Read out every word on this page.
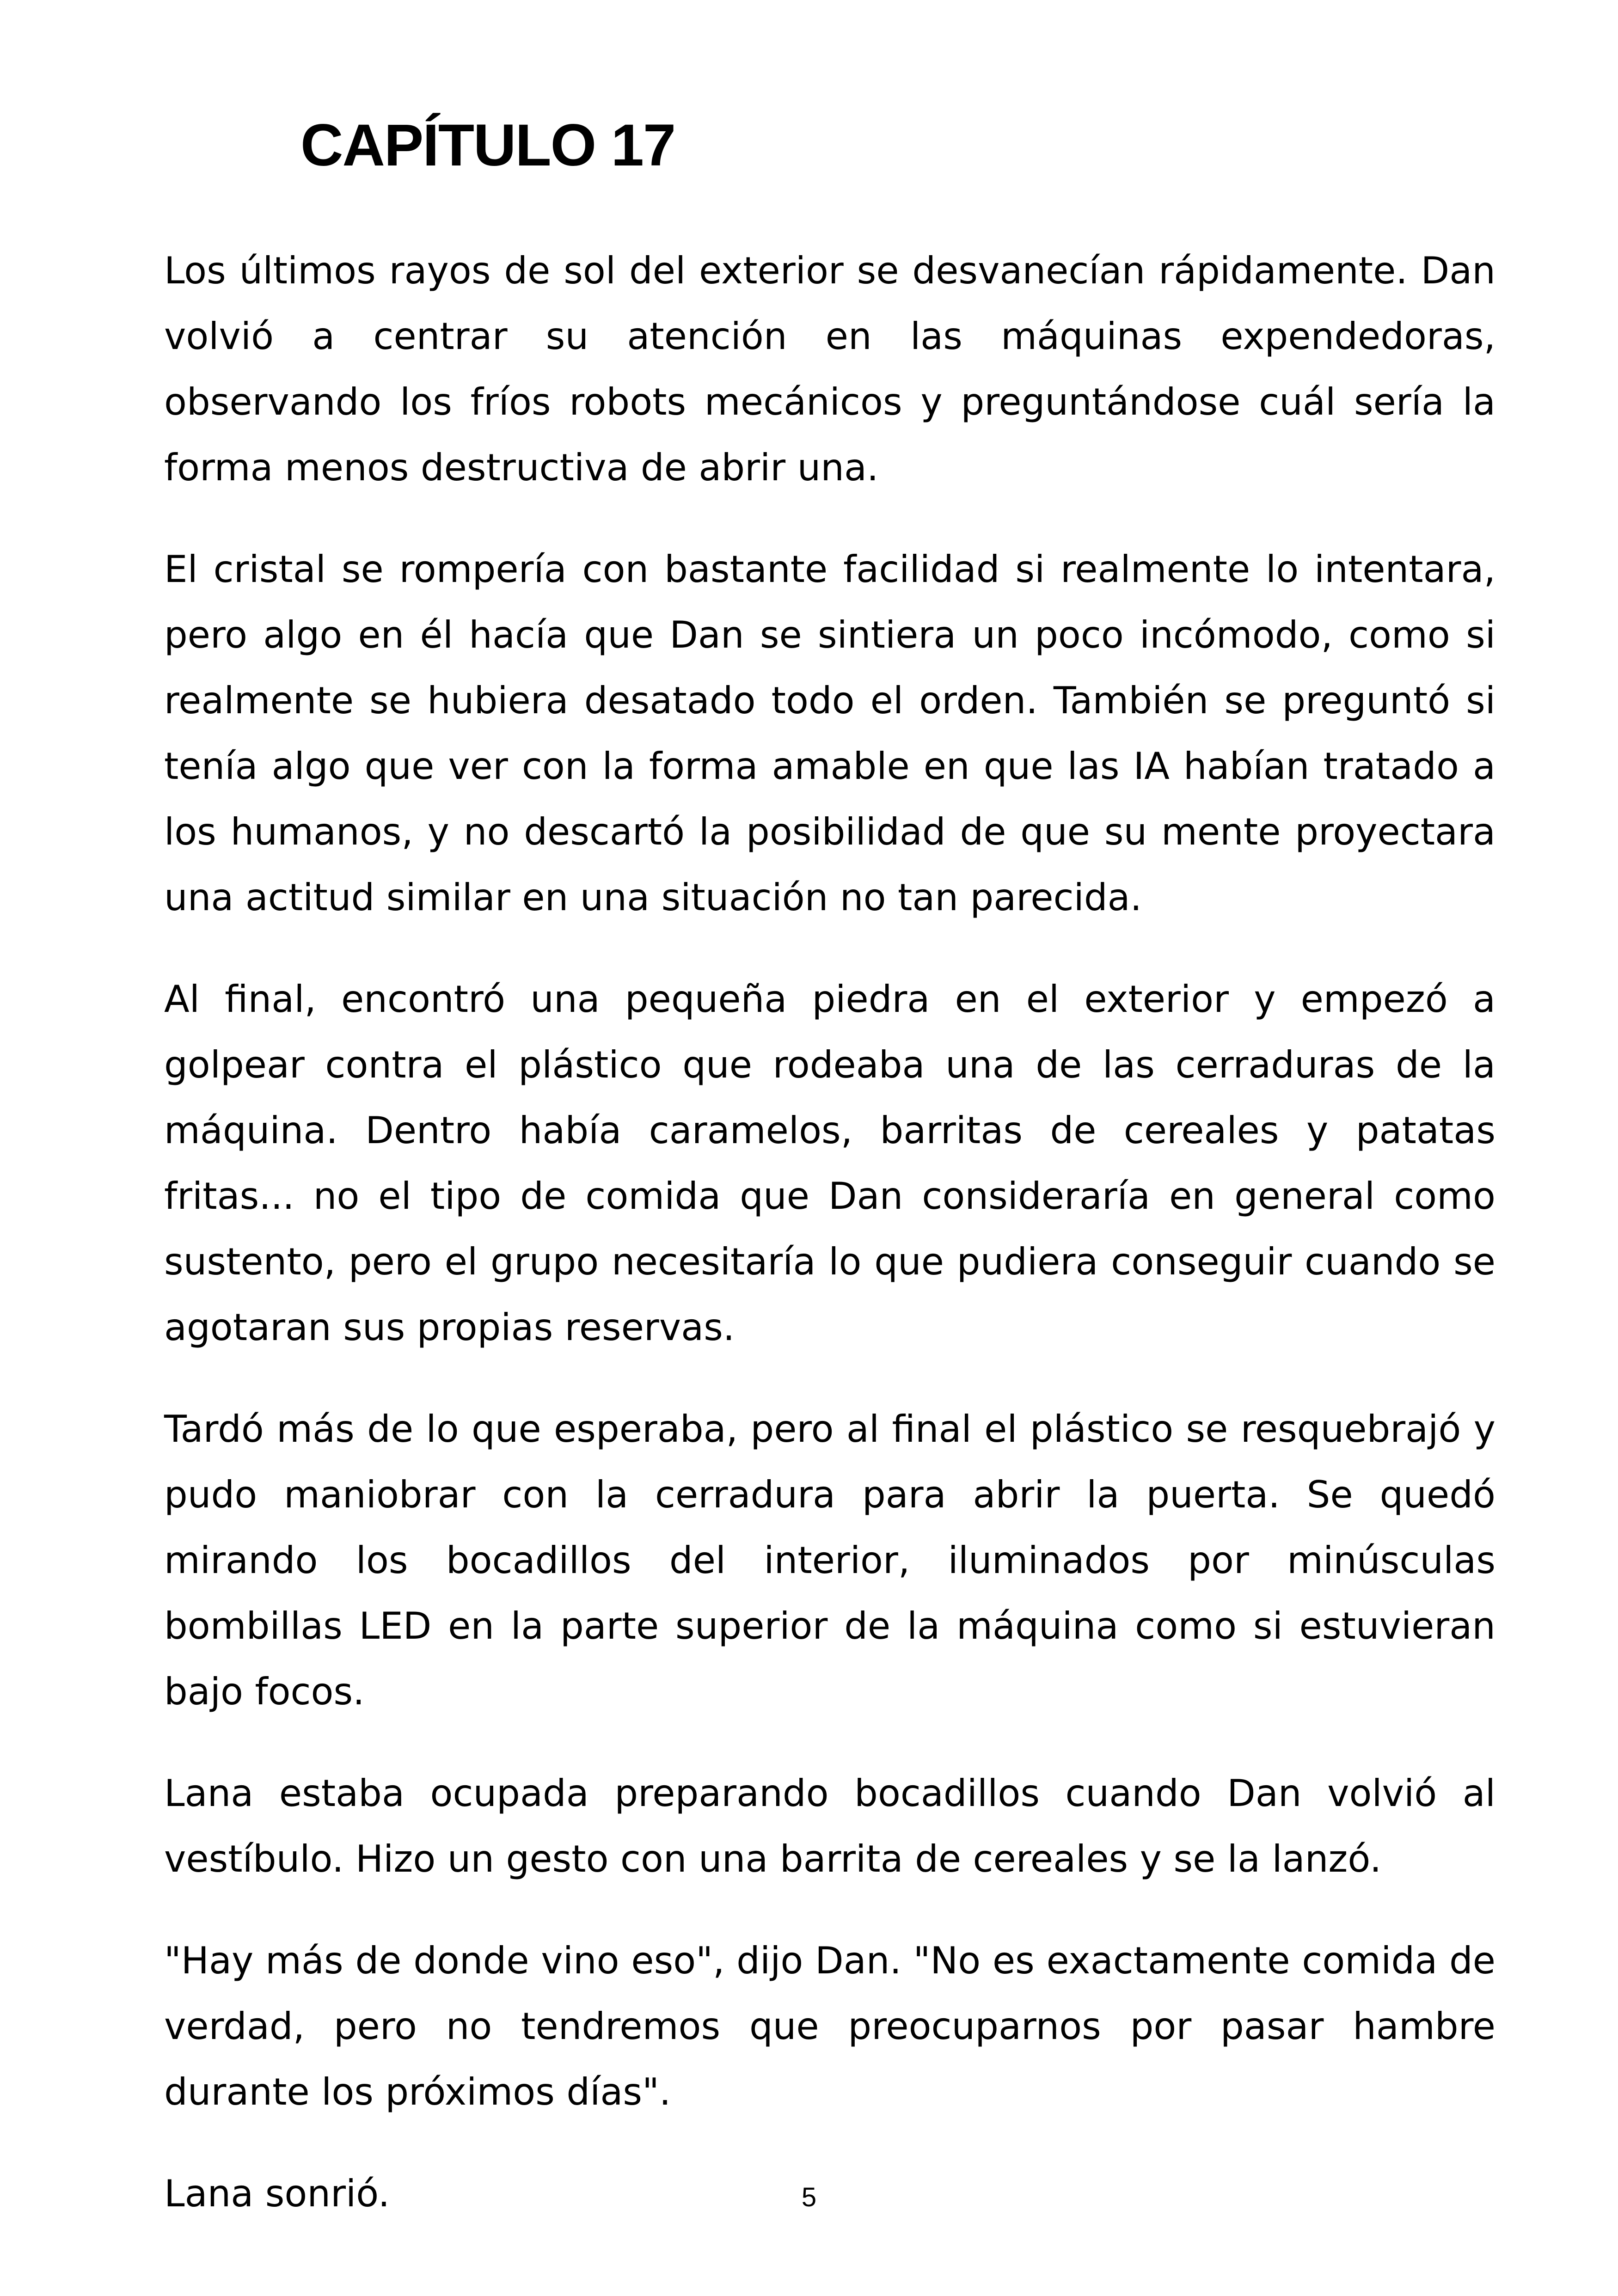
CAPÍTULO 17

Los últimos rayos de sol del exterior se desvanecían rápidamente. Dan volvió a centrar su atención en las máquinas expendedoras, observando los fríos robots mecánicos y preguntándose cuál sería la forma menos destructiva de abrir una.

El cristal se rompería con bastante facilidad si realmente lo intentara, pero algo en él hacía que Dan se sintiera un poco incómodo, como si realmente se hubiera desatado todo el orden. También se preguntó si tenía algo que ver con la forma amable en que las IA habían tratado a los humanos, y no descartó la posibilidad de que su mente proyectara una actitud similar en una situación no tan parecida.

Al final, encontró una pequeña piedra en el exterior y empezó a golpear contra el plástico que rodeaba una de las cerraduras de la máquina. Dentro había caramelos, barritas de cereales y patatas fritas... no el tipo de comida que Dan consideraría en general como sustento, pero el grupo necesitaría lo que pudiera conseguir cuando se agotaran sus propias reservas.

Tardó más de lo que esperaba, pero al final el plástico se resquebrajó y pudo maniobrar con la cerradura para abrir la puerta. Se quedó mirando los bocadillos del interior, iluminados por minúsculas bombillas LED en la parte superior de la máquina como si estuvieran bajo focos.

Lana estaba ocupada preparando bocadillos cuando Dan volvió al vestíbulo. Hizo un gesto con una barrita de cereales y se la lanzó.

"Hay más de donde vino eso", dijo Dan. "No es exactamente comida de verdad, pero no tendremos que preocuparnos por pasar hambre durante los próximos días".

Lana sonrió.	5
